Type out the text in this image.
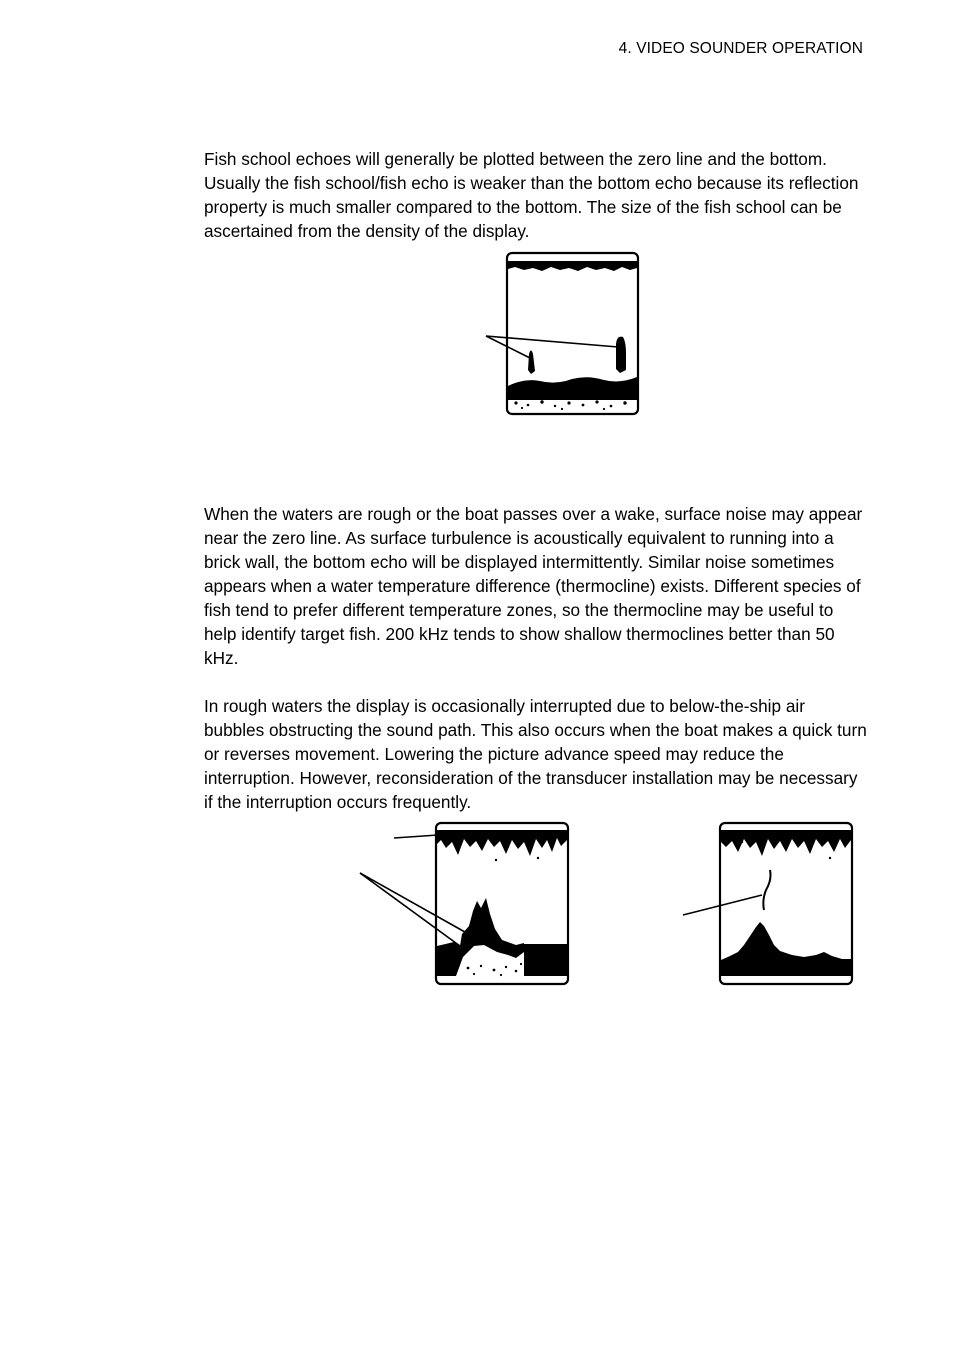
4. VIDEO SOUNDER OPERATION

Fish school echoes will generally be plotted between the zero line and the bottom. Usually the fish school/fish echo is weaker than the bottom echo because its reflection property is much smaller compared to the bottom. The size of the fish school can be ascertained from the density of the display.

When the waters are rough or the boat passes over a wake, surface noise may appear near the zero line. As surface turbulence is acoustically equivalent to running into a brick wall, the bottom echo will be displayed intermittently. Similar noise sometimes appears when a water temperature difference (thermocline) exists. Different species of fish tend to prefer different temperature zones, so the thermocline may be useful to help identify target fish. 200 kHz tends to show shallow thermoclines better than 50 kHz.

In rough waters the display is occasionally interrupted due to below-the-ship air bubbles obstructing the sound path. This also occurs when the boat makes a quick turn or reverses movement. Lowering the picture advance speed may reduce the interruption. However, reconsideration of the transducer installation may be necessary if the interruption occurs frequently.
